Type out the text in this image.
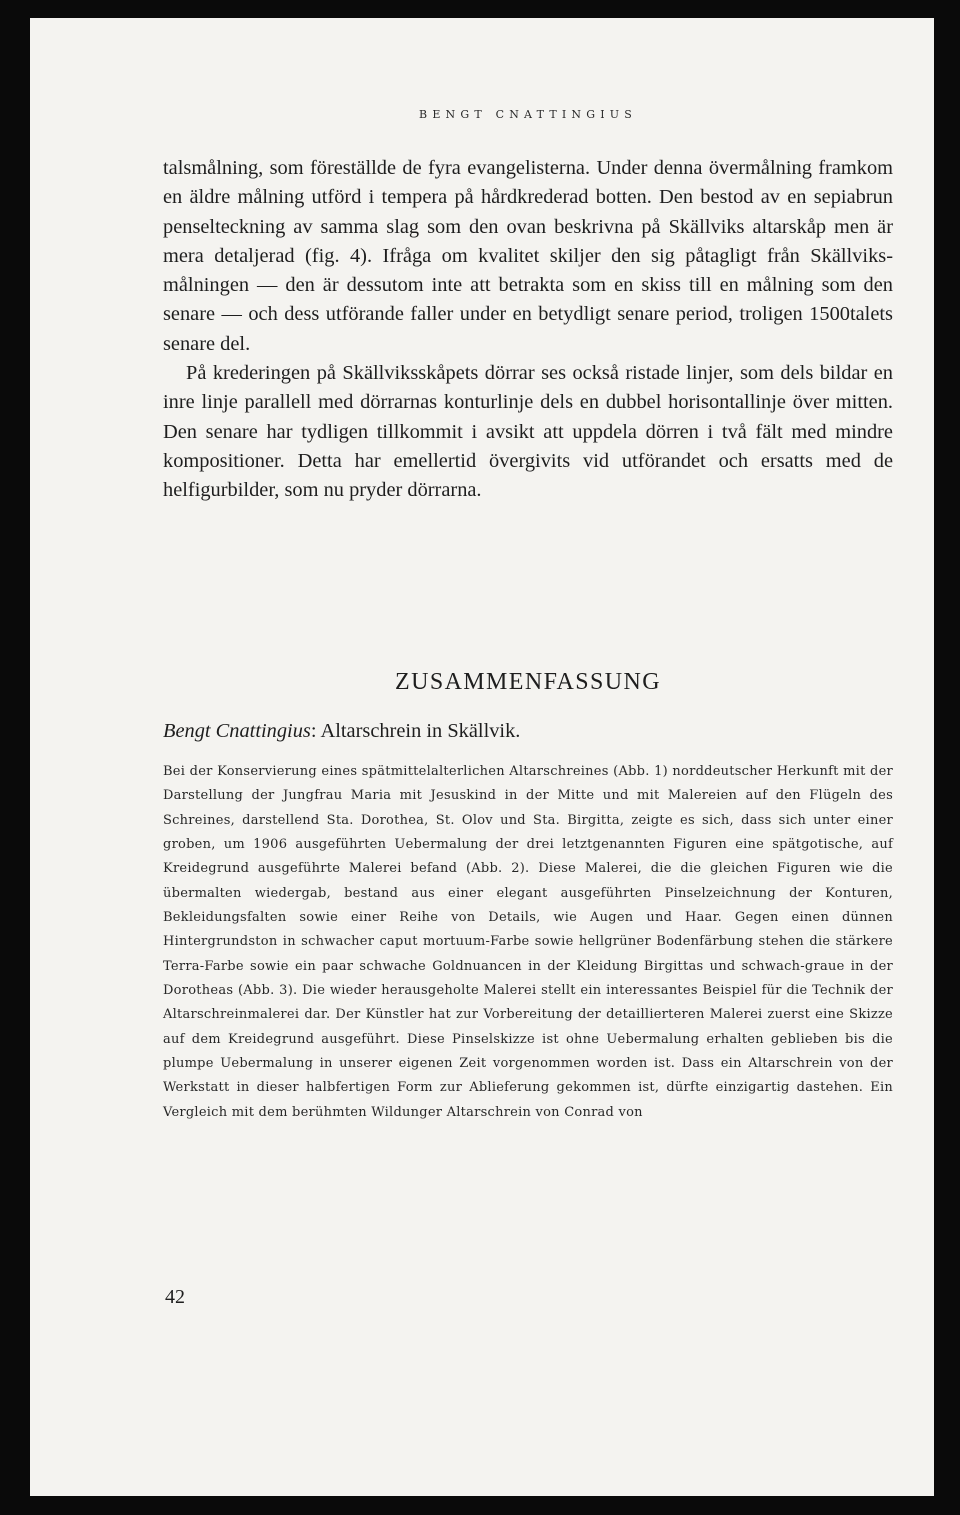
BENGT CNATTINGIUS

talsmålning, som föreställde de fyra evangelisterna. Under denna övermålning framkom en äldre målning utförd i tempera på hårdkrederad botten. Den bestod av en sepiabrun penselteckning av samma slag som den ovan beskrivna på Skällviks altarskåp men är mera detaljerad (fig. 4). Ifråga om kvalitet skiljer den sig påtagligt från Skällviks-målningen — den är dessutom inte att betrakta som en skiss till en målning som den senare — och dess utförande faller under en betydligt senare period, troligen 1500talets senare del.

På krederingen på Skällviksskåpets dörrar ses också ristade linjer, som dels bildar en inre linje parallell med dörrarnas konturlinje dels en dubbel horisontallinje över mitten. Den senare har tydligen tillkommit i avsikt att uppdela dörren i två fält med mindre kompositioner. Detta har emellertid övergivits vid utförandet och ersatts med de helfigurbilder, som nu pryder dörrarna.

ZUSAMMENFASSUNG
Bengt Cnattingius: Altarschrein in Skällvik.

Bei der Konservierung eines spätmittelalterlichen Altarschreines (Abb. 1) norddeutscher Herkunft mit der Darstellung der Jungfrau Maria mit Jesuskind in der Mitte und mit Malereien auf den Flügeln des Schreines, darstellend Sta. Dorothea, St. Olov und Sta. Birgitta, zeigte es sich, dass sich unter einer groben, um 1906 ausgeführten Uebermalung der drei letztgenannten Figuren eine spätgotische, auf Kreidegrund ausgeführte Malerei befand (Abb. 2). Diese Malerei, die die gleichen Figuren wie die übermalten wiedergab, bestand aus einer elegant ausgeführten Pinselzeichnung der Konturen, Bekleidungsfalten sowie einer Reihe von Details, wie Augen und Haar. Gegen einen dünnen Hintergrundston in schwacher caput mortuum-Farbe sowie hellgrüner Bodenfärbung stehen die stärkere Terra-Farbe sowie ein paar schwache Goldnuancen in der Kleidung Birgittas und schwach-graue in der Dorotheas (Abb. 3). Die wieder herausgeholte Malerei stellt ein interessantes Beispiel für die Technik der Altarschreinmalerei dar. Der Künstler hat zur Vorbereitung der detaillierteren Malerei zuerst eine Skizze auf dem Kreidegrund ausgeführt. Diese Pinselskizze ist ohne Uebermalung erhalten geblieben bis die plumpe Uebermalung in unserer eigenen Zeit vorgenommen worden ist. Dass ein Altarschrein von der Werkstatt in dieser halbfertigen Form zur Ablieferung gekommen ist, dürfte einzigartig dastehen. Ein Vergleich mit dem berühmten Wildunger Altarschrein von Conrad von

42
